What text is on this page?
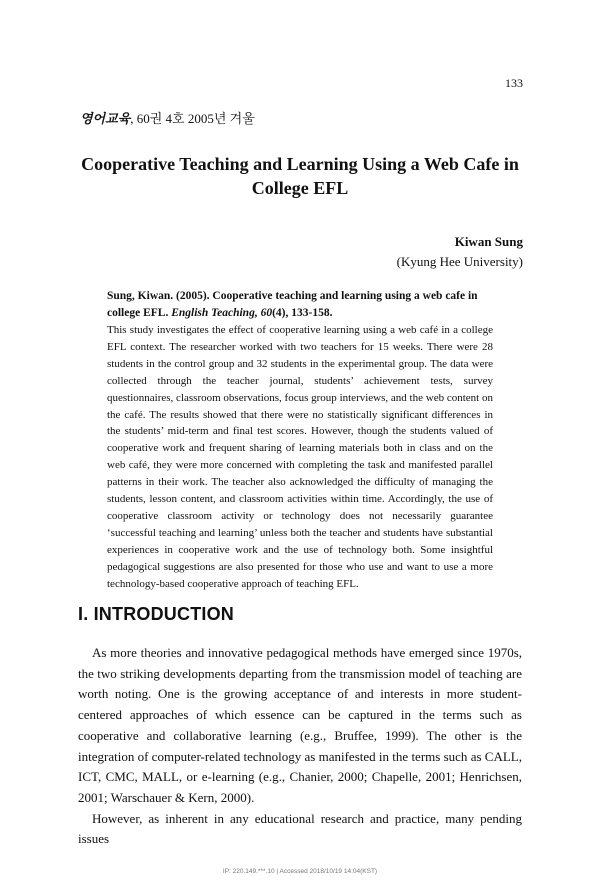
133
영어교육, 60권 4호 2005년 겨울
Cooperative Teaching and Learning Using a Web Cafe in College EFL
Kiwan Sung
(Kyung Hee University)
Sung, Kiwan. (2005). Cooperative teaching and learning using a web cafe in college EFL. English Teaching, 60(4), 133-158.
This study investigates the effect of cooperative learning using a web café in a college EFL context. The researcher worked with two teachers for 15 weeks. There were 28 students in the control group and 32 students in the experimental group. The data were collected through the teacher journal, students’ achievement tests, survey questionnaires, classroom observations, focus group interviews, and the web content on the café. The results showed that there were no statistically significant differences in the students’ mid-term and final test scores. However, though the students valued of cooperative work and frequent sharing of learning materials both in class and on the web café, they were more concerned with completing the task and manifested parallel patterns in their work. The teacher also acknowledged the difficulty of managing the students, lesson content, and classroom activities within time. Accordingly, the use of cooperative classroom activity or technology does not necessarily guarantee ‘successful teaching and learning’ unless both the teacher and students have substantial experiences in cooperative work and the use of technology both. Some insightful pedagogical suggestions are also presented for those who use and want to use a more technology-based cooperative approach of teaching EFL.
I. INTRODUCTION

As more theories and innovative pedagogical methods have emerged since 1970s, the two striking developments departing from the transmission model of teaching are worth noting. One is the growing acceptance of and interests in more student-centered approaches of which essence can be captured in the terms such as cooperative and collaborative learning (e.g., Bruffee, 1999). The other is the integration of computer-related technology as manifested in the terms such as CALL, ICT, CMC, MALL, or e-learning (e.g., Chanier, 2000; Chapelle, 2001; Henrichsen, 2001; Warschauer & Kern, 2000).

However, as inherent in any educational research and practice, many pending issues

IP: 220.149.***.10 | Accessed 2018/10/19 14:04(KST)
